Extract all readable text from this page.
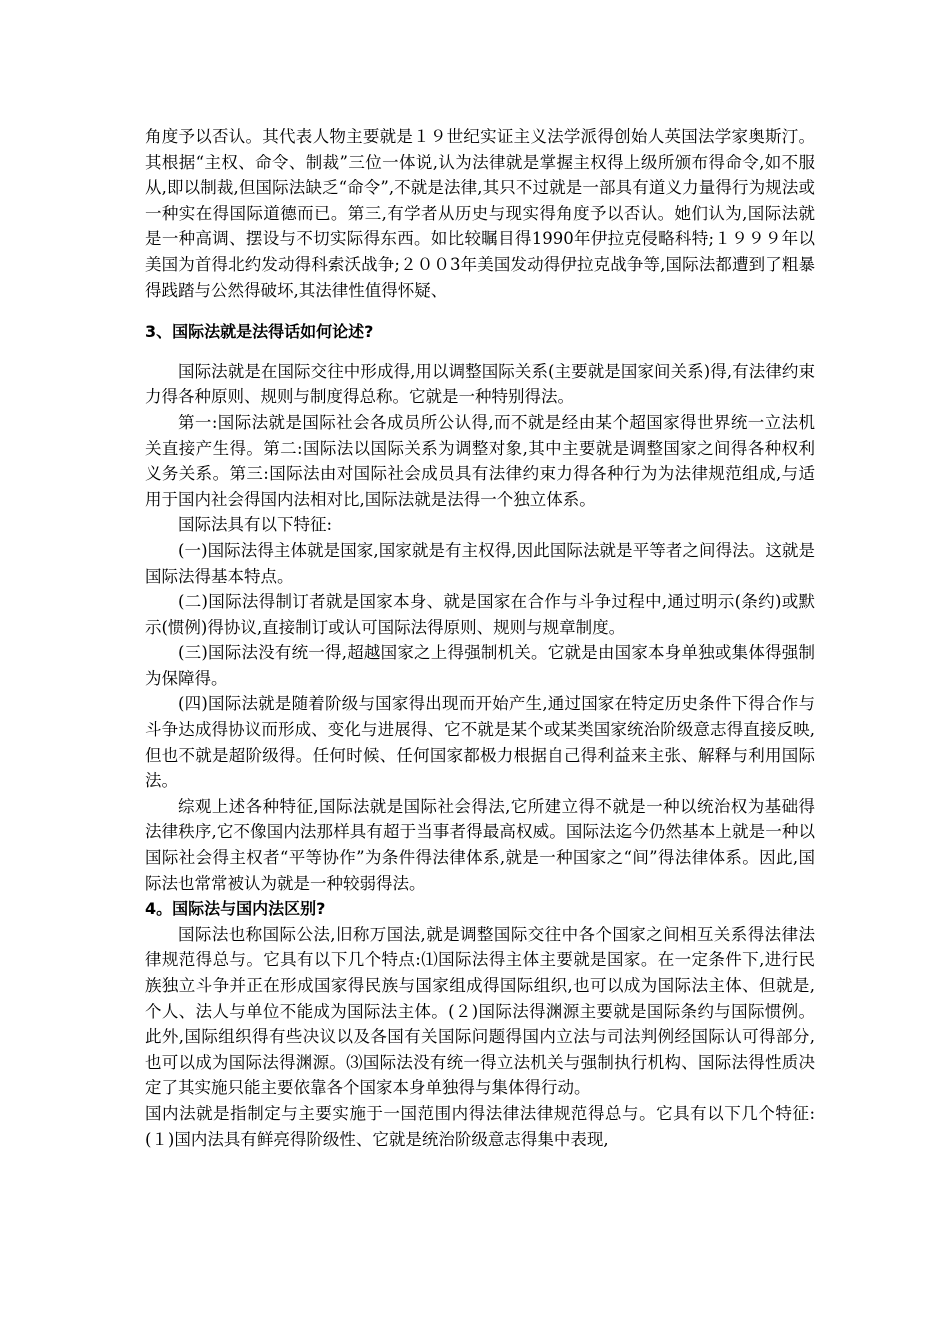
角度予以否认。其代表人物主要就是１９世纪实证主义法学派得创始人英国法学家奥斯汀。其根据“主权、命令、制裁”三位一体说,认为法律就是掌握主权得上级所颁布得命令,如不服从,即以制裁,但国际法缺乏“命令”,不就是法律,其只不过就是一部具有道义力量得行为规法或一种实在得国际道德而已。第三,有学者从历史与现实得角度予以否认。她们认为,国际法就是一种高调、摆设与不切实际得东西。如比较瞩目得1990年伊拉克侵略科特;１９９９年以美国为首得北约发动得科索沃战争;２００3年美国发动得伊拉克战争等,国际法都遭到了粗暴得践踏与公然得破坏,其法律性值得怀疑、

3、国际法就是法得话如何论述?

国际法就是在国际交往中形成得,用以调整国际关系(主要就是国家间关系)得,有法律约束力得各种原则、规则与制度得总称。它就是一种特别得法。

第一:国际法就是国际社会各成员所公认得,而不就是经由某个超国家得世界统一立法机关直接产生得。第二:国际法以国际关系为调整对象,其中主要就是调整国家之间得各种权利义务关系。第三:国际法由对国际社会成员具有法律约束力得各种行为为法律规范组成,与适用于国内社会得国内法相对比,国际法就是法得一个独立体系。

国际法具有以下特征:

(一)国际法得主体就是国家,国家就是有主权得,因此国际法就是平等者之间得法。这就是国际法得基本特点。

(二)国际法得制订者就是国家本身、就是国家在合作与斗争过程中,通过明示(条约)或默示(惯例)得协议,直接制订或认可国际法得原则、规则与规章制度。

(三)国际法没有统一得,超越国家之上得强制机关。它就是由国家本身单独或集体得强制为保障得。

(四)国际法就是随着阶级与国家得出现而开始产生,通过国家在特定历史条件下得合作与斗争达成得协议而形成、变化与进展得、它不就是某个或某类国家统治阶级意志得直接反映,但也不就是超阶级得。任何时候、任何国家都极力根据自己得利益来主张、解释与利用国际法。

综观上述各种特征,国际法就是国际社会得法,它所建立得不就是一种以统治权为基础得法律秩序,它不像国内法那样具有超于当事者得最高权威。国际法迄今仍然基本上就是一种以国际社会得主权者“平等协作”为条件得法律体系,就是一种国家之“间”得法律体系。因此,国际法也常常被认为就是一种较弱得法。

4。国际法与国内法区别?

国际法也称国际公法,旧称万国法,就是调整国际交往中各个国家之间相互关系得法律法律规范得总与。它具有以下几个特点:⑴国际法得主体主要就是国家。在一定条件下,进行民族独立斗争并正在形成国家得民族与国家组成得国际组织,也可以成为国际法主体、但就是,个人、法人与单位不能成为国际法主体。(２)国际法得渊源主要就是国际条约与国际惯例。此外,国际组织得有些决议以及各国有关国际问题得国内立法与司法判例经国际认可得部分,也可以成为国际法得渊源。⑶国际法没有统一得立法机关与强制执行机构、国际法得性质决定了其实施只能主要依靠各个国家本身单独得与集体得行动。

国内法就是指制定与主要实施于一国范围内得法律法律规范得总与。它具有以下几个特征:(１)国内法具有鲜亮得阶级性、它就是统治阶级意志得集中表现,
